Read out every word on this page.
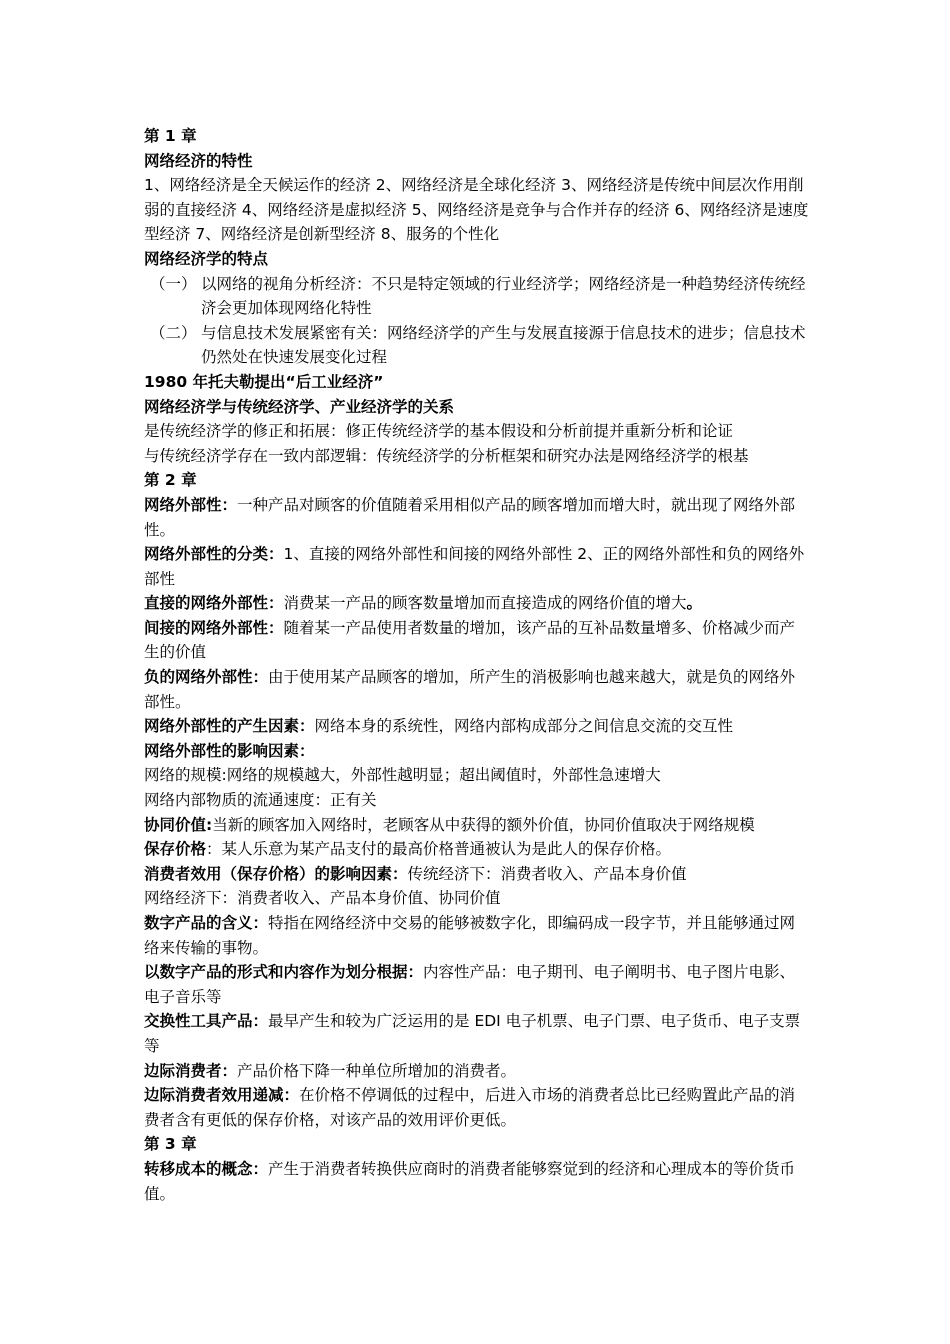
第 1 章

网络经济的特性

1、网络经济是全天候运作的经济 2、网络经济是全球化经济 3、网络经济是传统中间层次作用削弱的直接经济 4、网络经济是虚拟经济 5、网络经济是竞争与合作并存的经济 6、网络经济是速度型经济 7、网络经济是创新型经济 8、服务的个性化

网络经济学的特点

（一） 以网络的视角分析经济：不只是特定领域的行业经济学；网络经济是一种趋势经济传统经济会更加体现网络化特性
（二） 与信息技术发展紧密有关：网络经济学的产生与发展直接源于信息技术的进步；信息技术仍然处在快速发展变化过程

1980 年托夫勒提出“后工业经济”

网络经济学与传统经济学、产业经济学的关系

是传统经济学的修正和拓展：修正传统经济学的基本假设和分析前提并重新分析和论证

与传统经济学存在一致内部逻辑：传统经济学的分析框架和研究办法是网络经济学的根基

第 2 章

网络外部性：一种产品对顾客的价值随着采用相似产品的顾客增加而增大时，就出现了网络外部性。

网络外部性的分类：1、直接的网络外部性和间接的网络外部性 2、正的网络外部性和负的网络外部性

直接的网络外部性：消费某一产品的顾客数量增加而直接造成的网络价值的增大。

间接的网络外部性：随着某一产品使用者数量的增加，该产品的互补品数量增多、价格减少而产生的价值

负的网络外部性：由于使用某产品顾客的增加，所产生的消极影响也越来越大，就是负的网络外部性。

网络外部性的产生因素：网络本身的系统性，网络内部构成部分之间信息交流的交互性

网络外部性的影响因素：

网络的规模:网络的规模越大，外部性越明显；超出阈值时，外部性急速增大

网络内部物质的流通速度：正有关

协同价值:当新的顾客加入网络时，老顾客从中获得的额外价值，协同价值取决于网络规模

保存价格：某人乐意为某产品支付的最高价格普通被认为是此人的保存价格。

消费者效用（保存价格）的影响因素：传统经济下：消费者收入、产品本身价值

网络经济下：消费者收入、产品本身价值、协同价值

数字产品的含义：特指在网络经济中交易的能够被数字化，即编码成一段字节，并且能够通过网络来传输的事物。

以数字产品的形式和内容作为划分根据：内容性产品：电子期刊、电子阐明书、电子图片电影、电子音乐等

交换性工具产品：最早产生和较为广泛运用的是 EDI 电子机票、电子门票、电子货币、电子支票等

边际消费者：产品价格下降一种单位所增加的消费者。

边际消费者效用递减：在价格不停调低的过程中，后进入市场的消费者总比已经购置此产品的消费者含有更低的保存价格，对该产品的效用评价更低。

第 3 章

转移成本的概念：产生于消费者转换供应商时的消费者能够察觉到的经济和心理成本的等价货币值。
